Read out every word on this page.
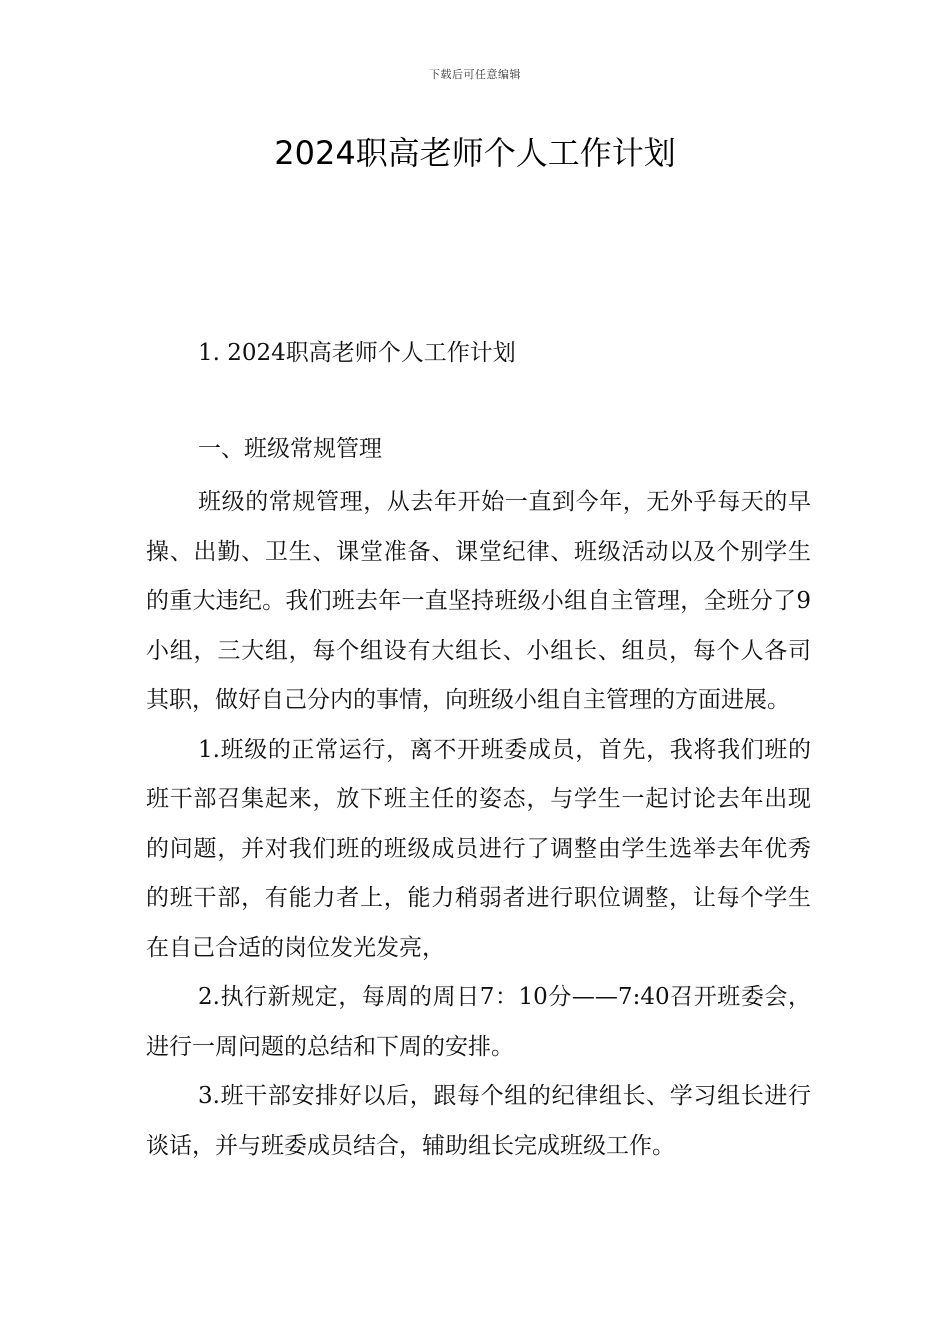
下载后可任意编辑
2024职高老师个人工作计划

1. 2024职高老师个人工作计划

一、班级常规管理

班级的常规管理，从去年开始一直到今年，无外乎每天的早操、出勤、卫生、课堂准备、课堂纪律、班级活动以及个别学生的重大违纪。我们班去年一直坚持班级小组自主管理，全班分了9小组，三大组，每个组设有大组长、小组长、组员，每个人各司其职，做好自己分内的事情，向班级小组自主管理的方面进展。

1.班级的正常运行，离不开班委成员，首先，我将我们班的班干部召集起来，放下班主任的姿态，与学生一起讨论去年出现的问题，并对我们班的班级成员进行了调整由学生选举去年优秀的班干部，有能力者上，能力稍弱者进行职位调整，让每个学生在自己合适的岗位发光发亮，

2.执行新规定，每周的周日7：10分——7:40召开班委会，进行一周问题的总结和下周的安排。

3.班干部安排好以后，跟每个组的纪律组长、学习组长进行谈话，并与班委成员结合，辅助组长完成班级工作。
